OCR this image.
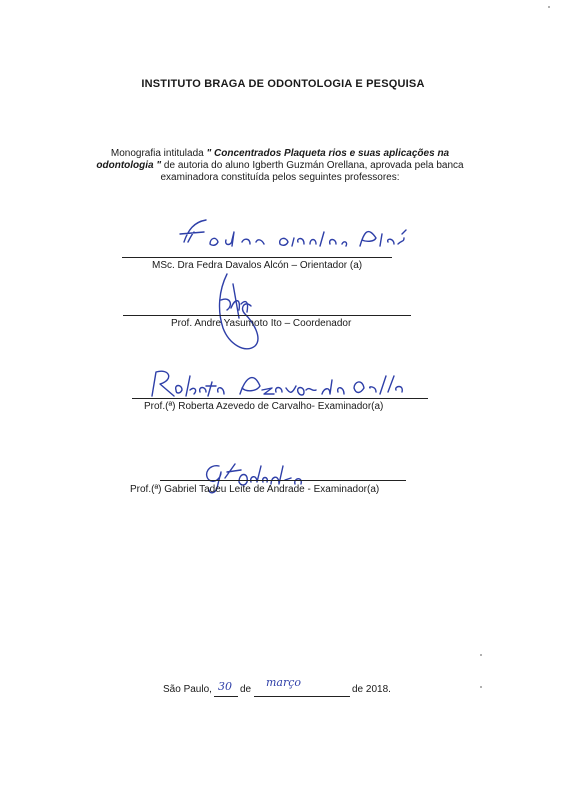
INSTITUTO BRAGA DE ODONTOLOGIA E PESQUISA
Monografia intitulada " Concentrados Plaqueta rios e suas aplicações na
odontologia " de autoria do aluno Igberth Guzmán Orellana, aprovada pela banca
examinadora constituída pelos seguintes professores:
MSc. Dra Fedra Davalos Alcón – Orientador (a)
Prof. Andre Yasumoto Ito – Coordenador
Prof.(ª) Roberta Azevedo de Carvalho- Examinador(a)
Prof.(ª) Gabriel Tadeu Leite de Andrade - Examinador(a)
São Paulo, 30 de
março
de 2018.
